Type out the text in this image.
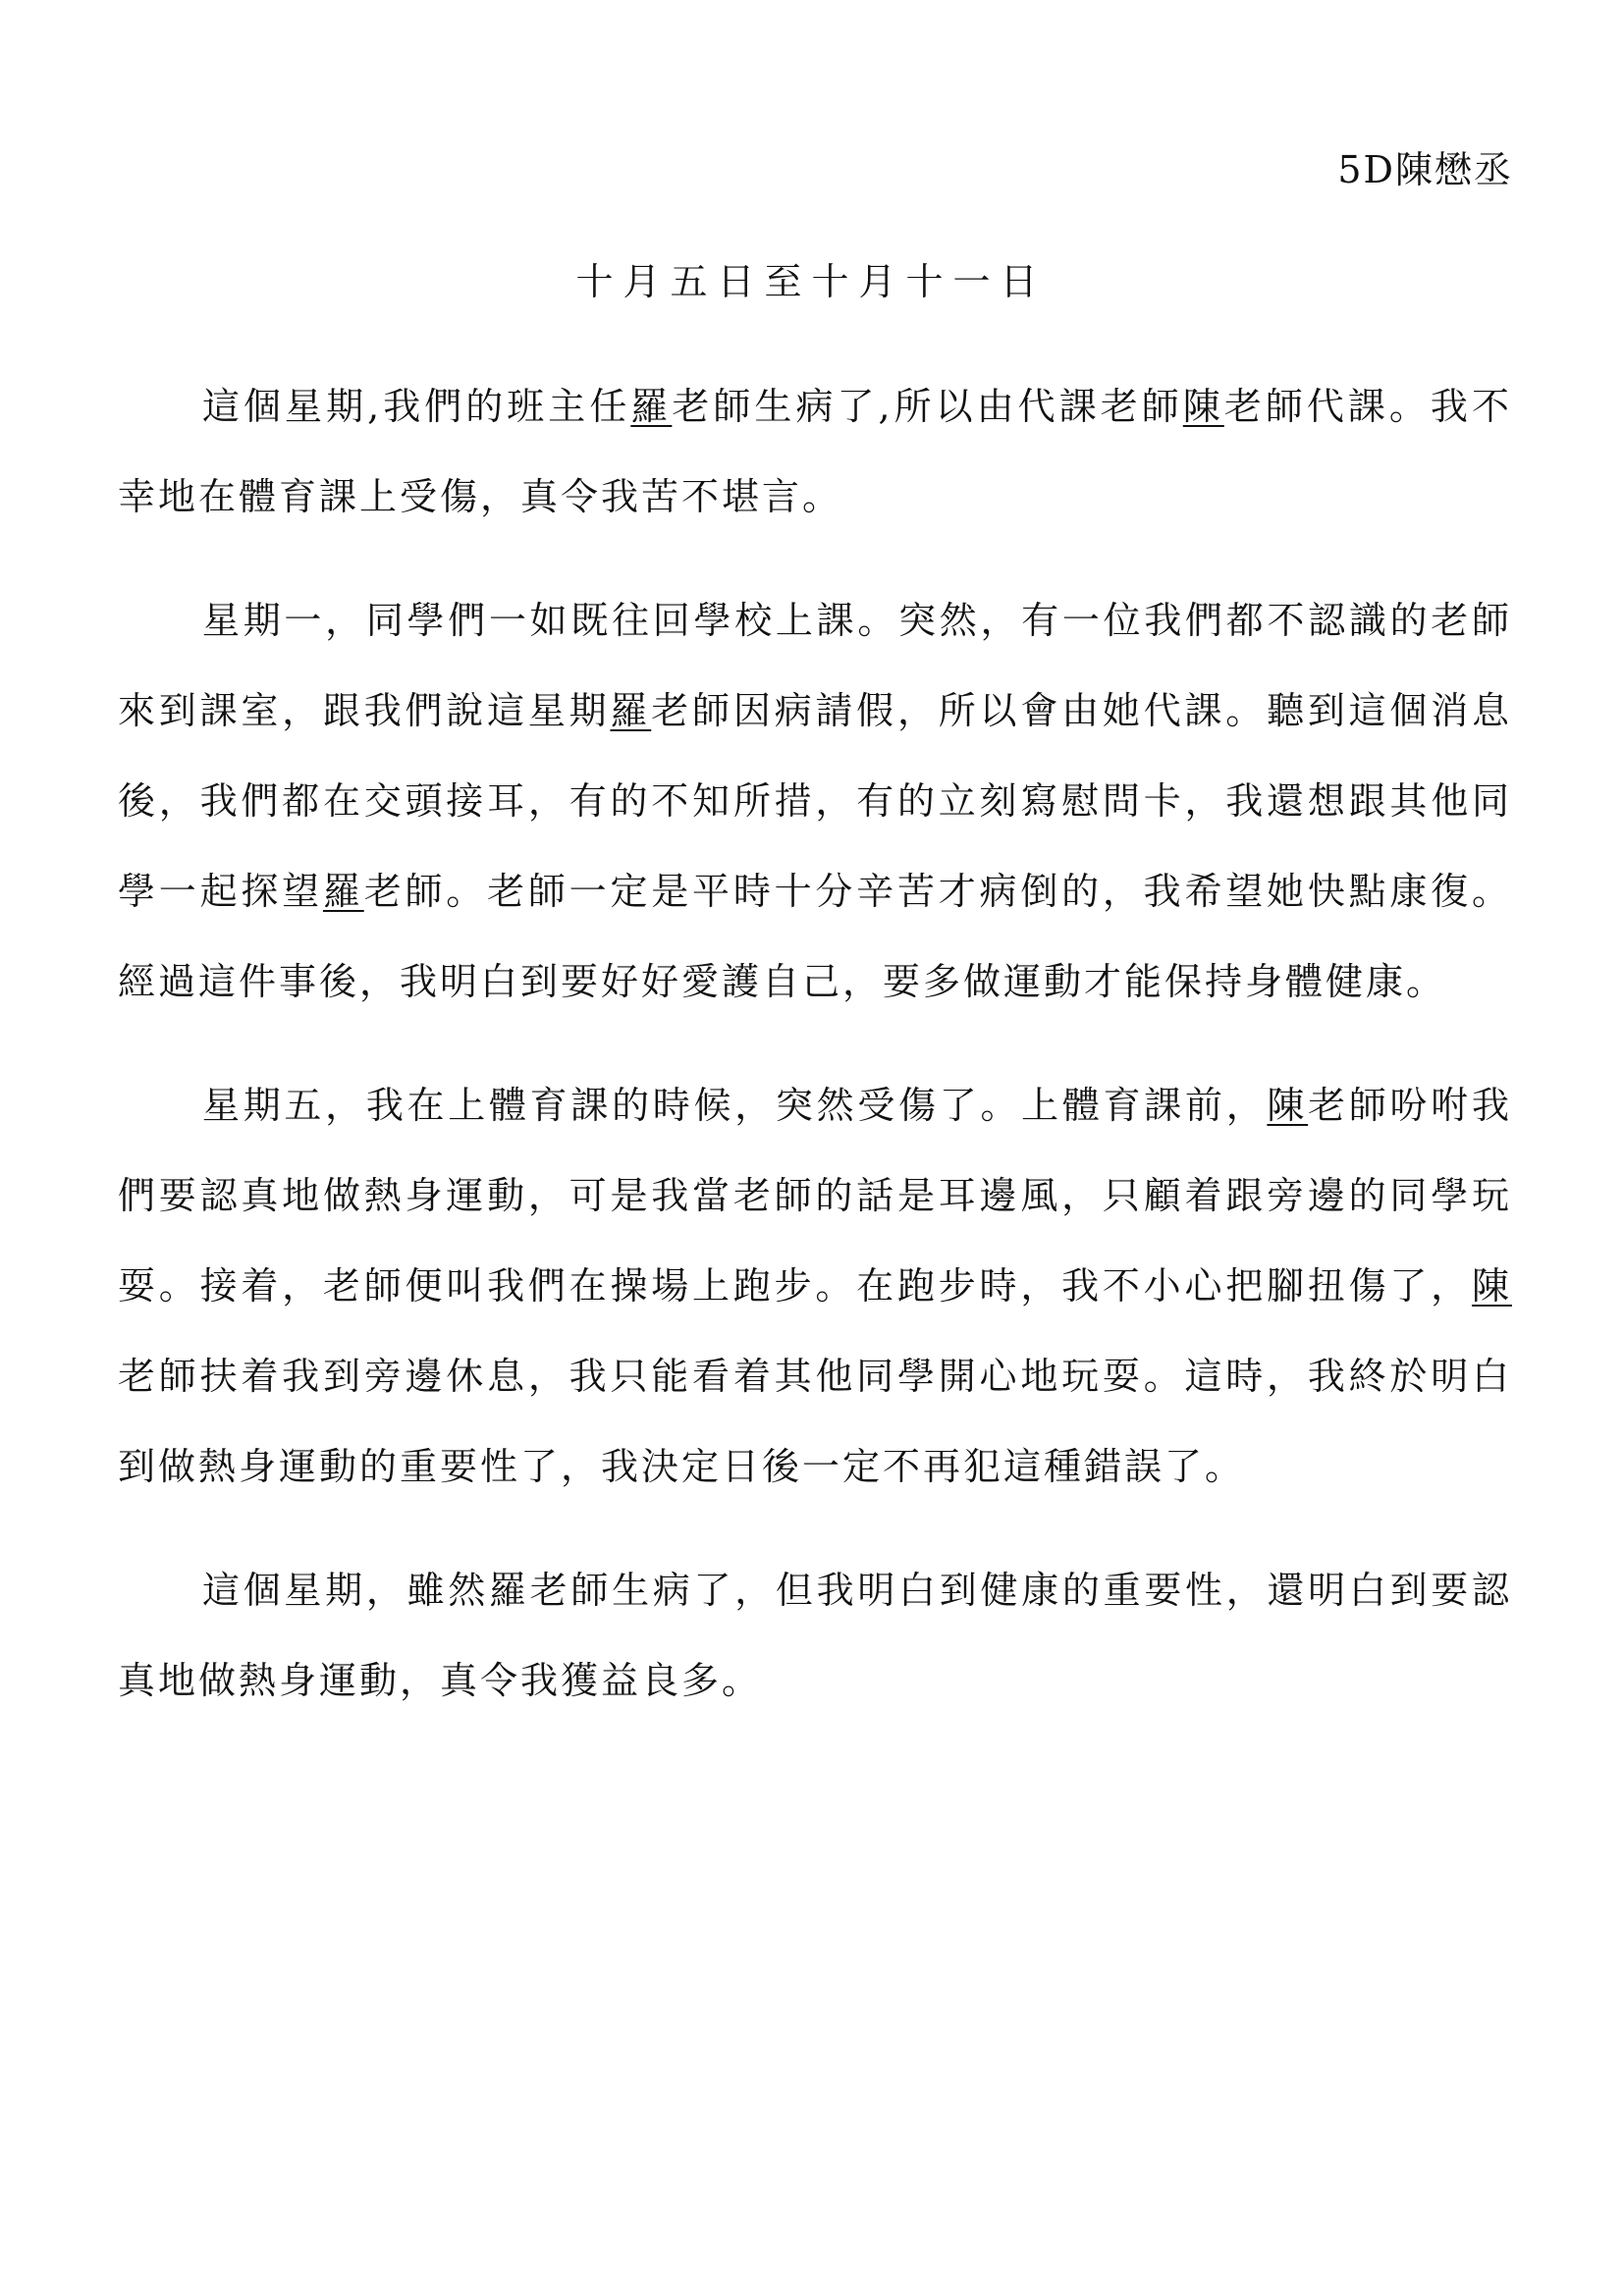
5D陳懋丞
十月五日至十月十一日

這個星期,我們的班主任羅老師生病了,所以由代課老師陳老師代課。我不幸地在體育課上受傷，真令我苦不堪言。

星期一，同學們一如既往回學校上課。突然，有一位我們都不認識的老師來到課室，跟我們說這星期羅老師因病請假，所以會由她代課。聽到這個消息後，我們都在交頭接耳，有的不知所措，有的立刻寫慰問卡，我還想跟其他同學一起探望羅老師。老師一定是平時十分辛苦才病倒的，我希望她快點康復。經過這件事後，我明白到要好好愛護自己，要多做運動才能保持身體健康。

星期五，我在上體育課的時候，突然受傷了。上體育課前，陳老師吩咐我們要認真地做熱身運動，可是我當老師的話是耳邊風，只顧着跟旁邊的同學玩耍。接着，老師便叫我們在操場上跑步。在跑步時，我不小心把腳扭傷了，陳老師扶着我到旁邊休息，我只能看着其他同學開心地玩耍。這時，我終於明白到做熱身運動的重要性了，我決定日後一定不再犯這種錯誤了。

這個星期，雖然羅老師生病了，但我明白到健康的重要性，還明白到要認真地做熱身運動，真令我獲益良多。
